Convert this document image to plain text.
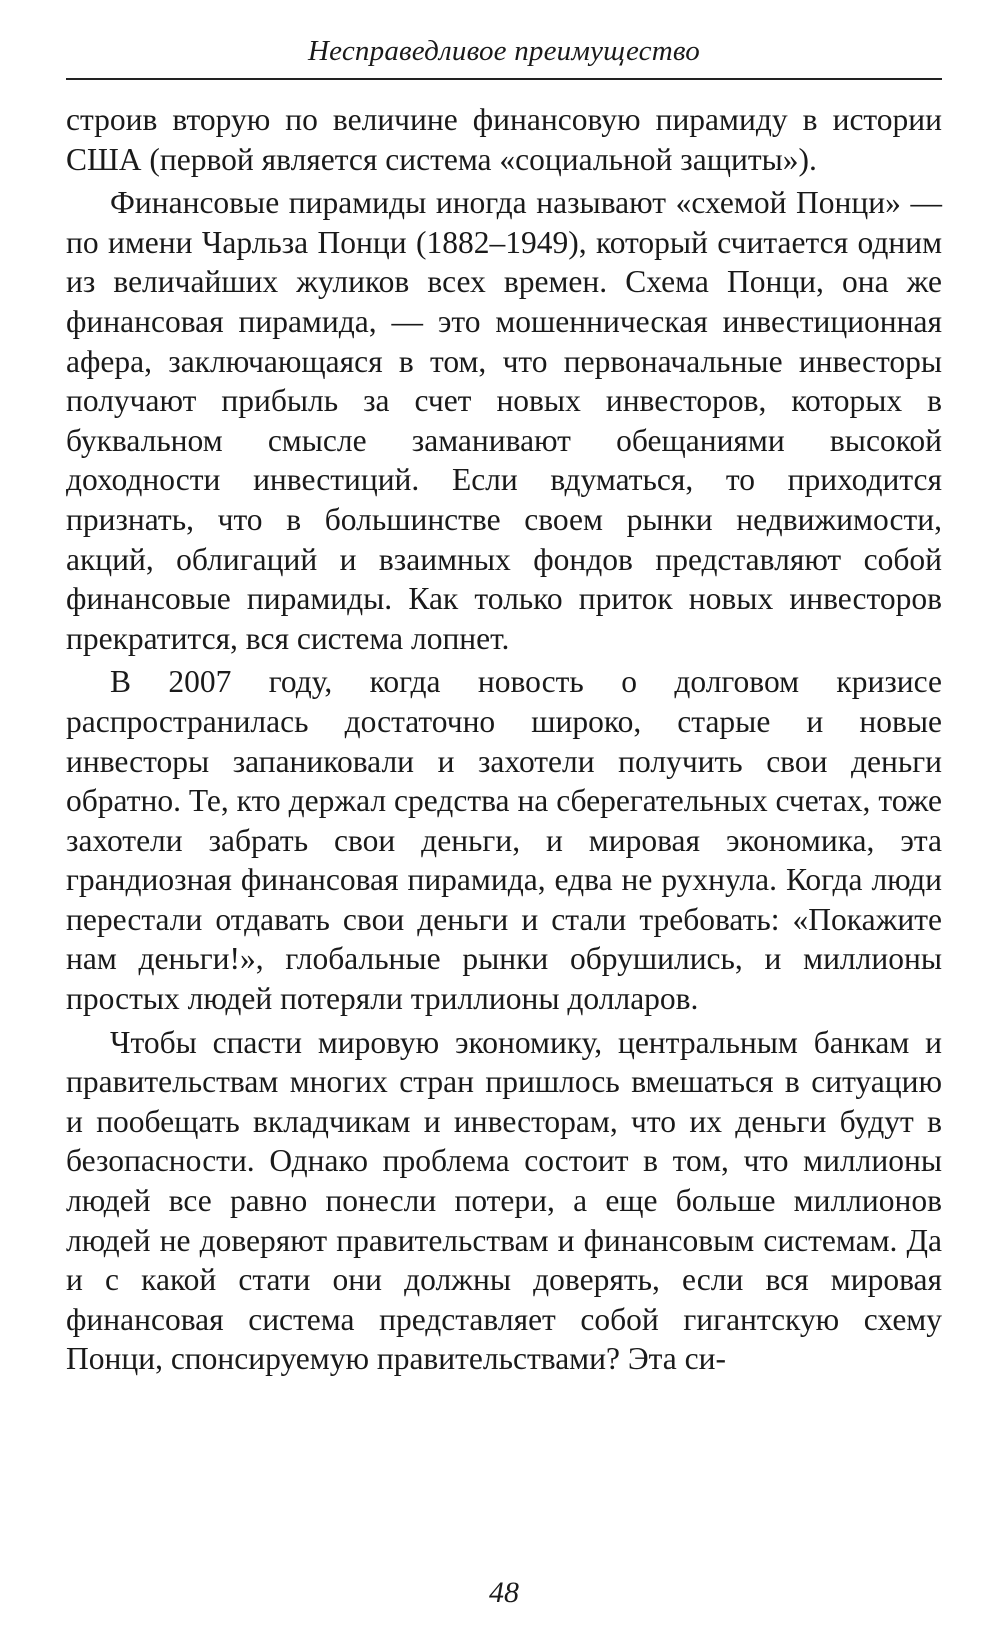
Несправедливое преимущество

строив вторую по величине финансовую пирамиду в истории США (первой является система «социальной защиты»).

Финансовые пирамиды иногда называют «схемой Понци» — по имени Чарльза Понци (1882–1949), который считается одним из величайших жуликов всех времен. Схема Понци, она же финансовая пирамида, — это мошенническая инвестиционная афера, заключающаяся в том, что первоначальные инвесторы получают прибыль за счет новых инвесторов, которых в буквальном смысле заманивают обещаниями высокой доходности инвестиций. Если вдуматься, то приходится признать, что в большинстве своем рынки недвижимости, акций, облигаций и взаимных фондов представляют собой финансовые пирамиды. Как только приток новых инвесторов прекратится, вся система лопнет.

В 2007 году, когда новость о долговом кризисе распространилась достаточно широко, старые и новые инвесторы запаниковали и захотели получить свои деньги обратно. Те, кто держал средства на сберегательных счетах, тоже захотели забрать свои деньги, и мировая экономика, эта грандиозная финансовая пирамида, едва не рухнула. Когда люди перестали отдавать свои деньги и стали требовать: «Покажите нам деньги!», глобальные рынки обрушились, и миллионы простых людей потеряли триллионы долларов.

Чтобы спасти мировую экономику, центральным банкам и правительствам многих стран пришлось вмешаться в ситуацию и пообещать вкладчикам и инвесторам, что их деньги будут в безопасности. Однако проблема состоит в том, что миллионы людей все равно понесли потери, а еще больше миллионов людей не доверяют правительствам и финансовым системам. Да и с какой стати они должны доверять, если вся мировая финансовая система представляет собой гигантскую схему Понци, спонсируемую правительствами? Эта си-

48
